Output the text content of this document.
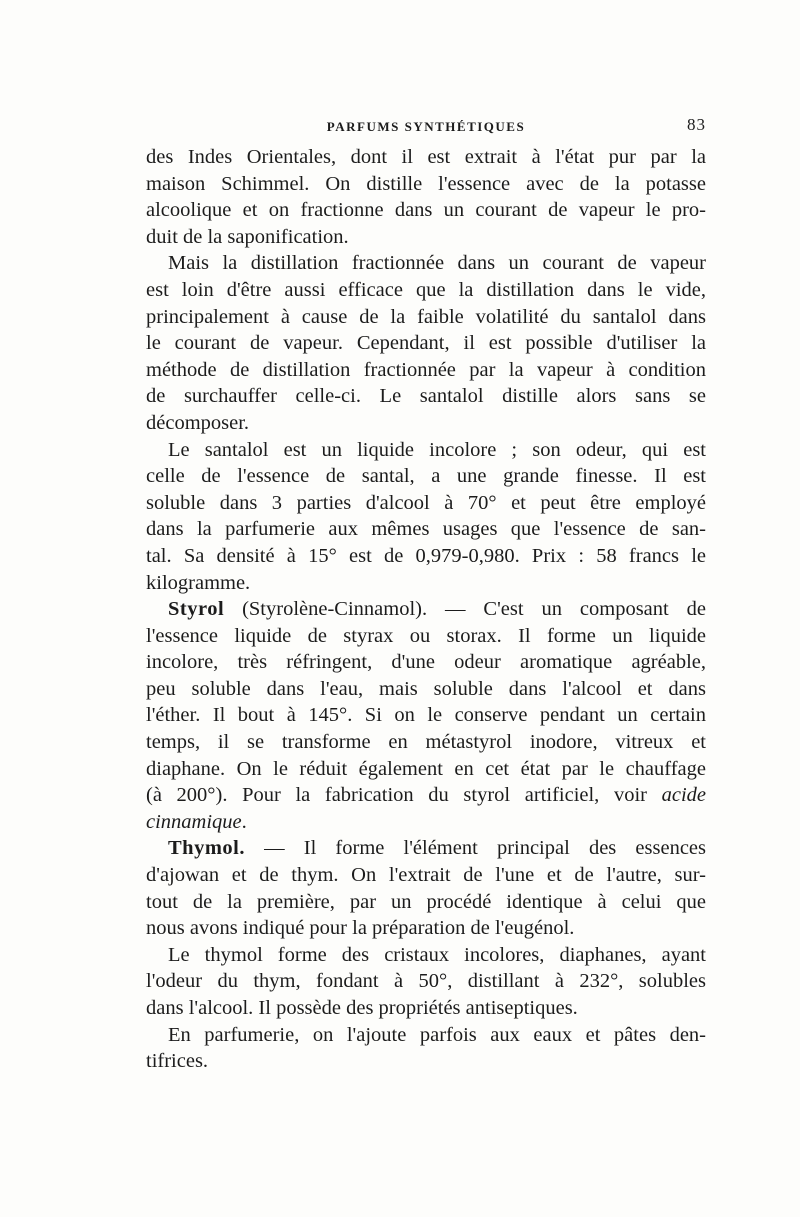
PARFUMS SYNTHÉTIQUES	83
des Indes Orientales, dont il est extrait à l'état pur par la
maison Schimmel. On distille l'essence avec de la potasse
alcoolique et on fractionne dans un courant de vapeur le pro-
duit de la saponification.
Mais la distillation fractionnée dans un courant de vapeur
est loin d'être aussi efficace que la distillation dans le vide,
principalement à cause de la faible volatilité du santalol dans
le courant de vapeur. Cependant, il est possible d'utiliser la
méthode de distillation fractionnée par la vapeur à condition
de surchauffer celle-ci. Le santalol distille alors sans se
décomposer.
Le santalol est un liquide incolore ; son odeur, qui est
celle de l'essence de santal, a une grande finesse. Il est
soluble dans 3 parties d'alcool à 70° et peut être employé
dans la parfumerie aux mêmes usages que l'essence de san-
tal. Sa densité à 15° est de 0,979-0,980. Prix : 58 francs le
kilogramme.
Styrol (Styrolène-Cinnamol). — C'est un composant de
l'essence liquide de styrax ou storax. Il forme un liquide
incolore, très réfringent, d'une odeur aromatique agréable,
peu soluble dans l'eau, mais soluble dans l'alcool et dans
l'éther. Il bout à 145°. Si on le conserve pendant un certain
temps, il se transforme en métastyrol inodore, vitreux et
diaphane. On le réduit également en cet état par le chauffage
(à 200°). Pour la fabrication du styrol artificiel, voir acide
cinnamique.
Thymol. — Il forme l'élément principal des essences
d'ajowan et de thym. On l'extrait de l'une et de l'autre, sur-
tout de la première, par un procédé identique à celui que
nous avons indiqué pour la préparation de l'eugénol.
Le thymol forme des cristaux incolores, diaphanes, ayant
l'odeur du thym, fondant à 50°, distillant à 232°, solubles
dans l'alcool. Il possède des propriétés antiseptiques.
En parfumerie, on l'ajoute parfois aux eaux et pâtes den-
tifrices.
